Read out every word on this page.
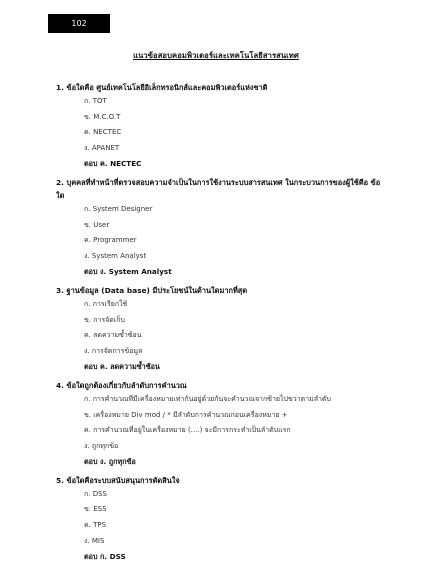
102
แนวข้อสอบคอมพิวเตอร์และเทคโนโลยีสารสนเทศ
1. ข้อใดคือ ศูนย์เทคโนโลยีอิเล็กทรอนิกส์และคอมพิวเตอร์แห่งชาติ
ก. TOT
ข. M.C.O.T
ค. NECTEC
ง. APANET
ตอบ ค. NECTEC
2. บุคคลที่ทำหน้าที่ตรวจสอบความจำเป็นในการใช้งานระบบสารสนเทศ ในกระบวนการของผู้ใช้คือ ข้อใด
ก. System Designer
ข. User
ค. Programmer
ง. System Analyst
ตอบ ง. System Analyst
3. ฐานข้อมูล (Data base) มีประโยชน์ในด้านใดมากที่สุด
ก. การเรียกใช้
ข. การจัดเก็บ
ค. ลดความซ้ำซ้อน
ง. การจัดการข้อมูล
ตอบ ค. ลดความซ้ำซ้อน
4. ข้อใดถูกต้องเกี่ยวกับลำดับการคำนวณ
ก. การคำนวณที่มีเครื่องหมายเท่ากันอยู่ด้วยกันจะคำนวณจากซ้ายไปขวาตามลำดับ
ข. เครื่องหมาย Div mod / * มีลำดับการคำนวณก่อนเครื่องหมาย +
ค. การคำนวณที่อยู่ในเครื่องหมาย (....) จะมีการกระทำเป็นลำดับแรก
ง. ถูกทุกข้อ
ตอบ ง. ถูกทุกข้อ
5. ข้อใดคือระบบสนับสนุนการตัดสินใจ
ก. DSS
ข. ESS
ค. TPS
ง. MIS
ตอบ ก. DSS
